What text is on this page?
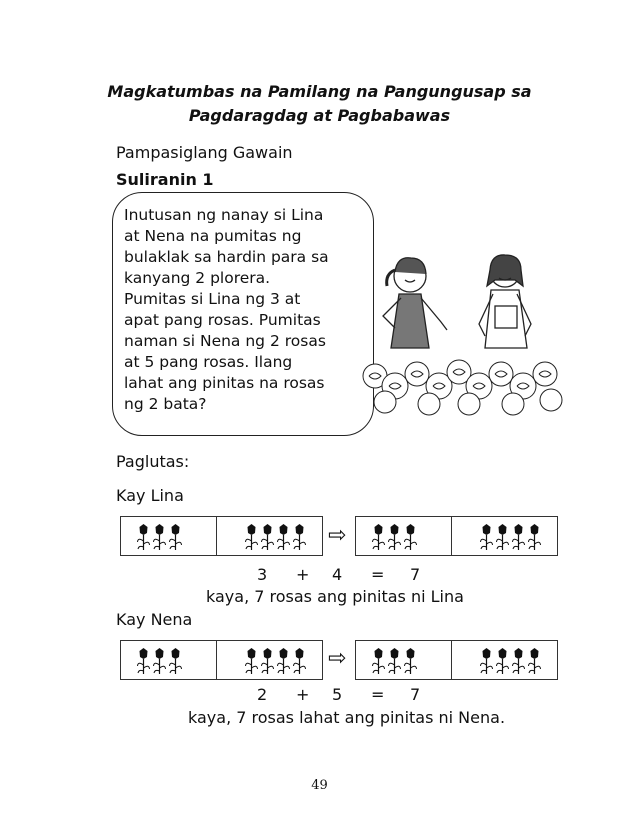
Magkatumbas na Pamilang na Pangungusap sa
Pagdaragdag at Pagbabawas
Pampasiglang Gawain
Suliranin 1
Inutusan ng nanay si Lina
at Nena na pumitas ng
bulaklak sa hardin para sa
kanyang 2 plorera.
Pumitas si Lina ng 3 at
apat pang rosas. Pumitas
naman si Nena ng 2 rosas
at 5 pang rosas. Ilang
lahat ang pinitas na rosas
ng 2 bata?
Paglutas:
Kay Lina
⇨
3 + 4 = 7
kaya, 7 rosas ang pinitas ni Lina
Kay Nena
⇨
2 + 5 = 7
kaya, 7 rosas lahat ang pinitas ni Nena.
49
